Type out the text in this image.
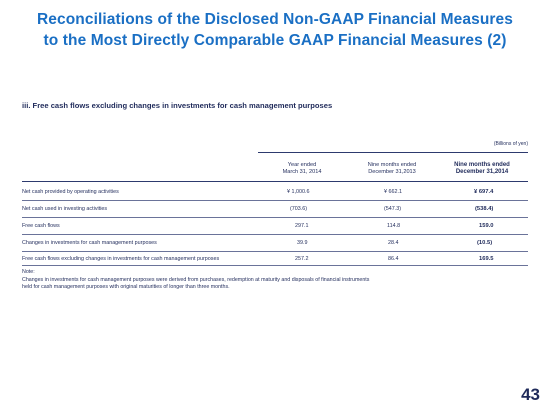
Reconciliations of the Disclosed Non-GAAP Financial Measures
to the Most Directly Comparable GAAP Financial Measures (2)
iii. Free cash flows excluding changes in investments for cash management purposes
(Billions of yen)
Year ended
March 31, 2014
Nine months ended
December 31,2013
Nine months ended
December 31,2014
Net cash provided by operating activities	¥ 1,000.6	¥ 662.1	¥ 697.4
Net cash used in investing activities	(703.6)	(547.3)	(538.4)
Free cash flows	297.1	114.8	159.0
Changes in investments for cash management purposes	39.9	28.4	(10.5)
Free cash flows excluding changes in investments for cash management purposes	257.2	86.4	169.5
Note:
Changes in investments for cash management purposes were derived from purchases, redemption at maturity and disposals of financial instruments
held for cash management purposes with original maturities of longer than three months.
43
